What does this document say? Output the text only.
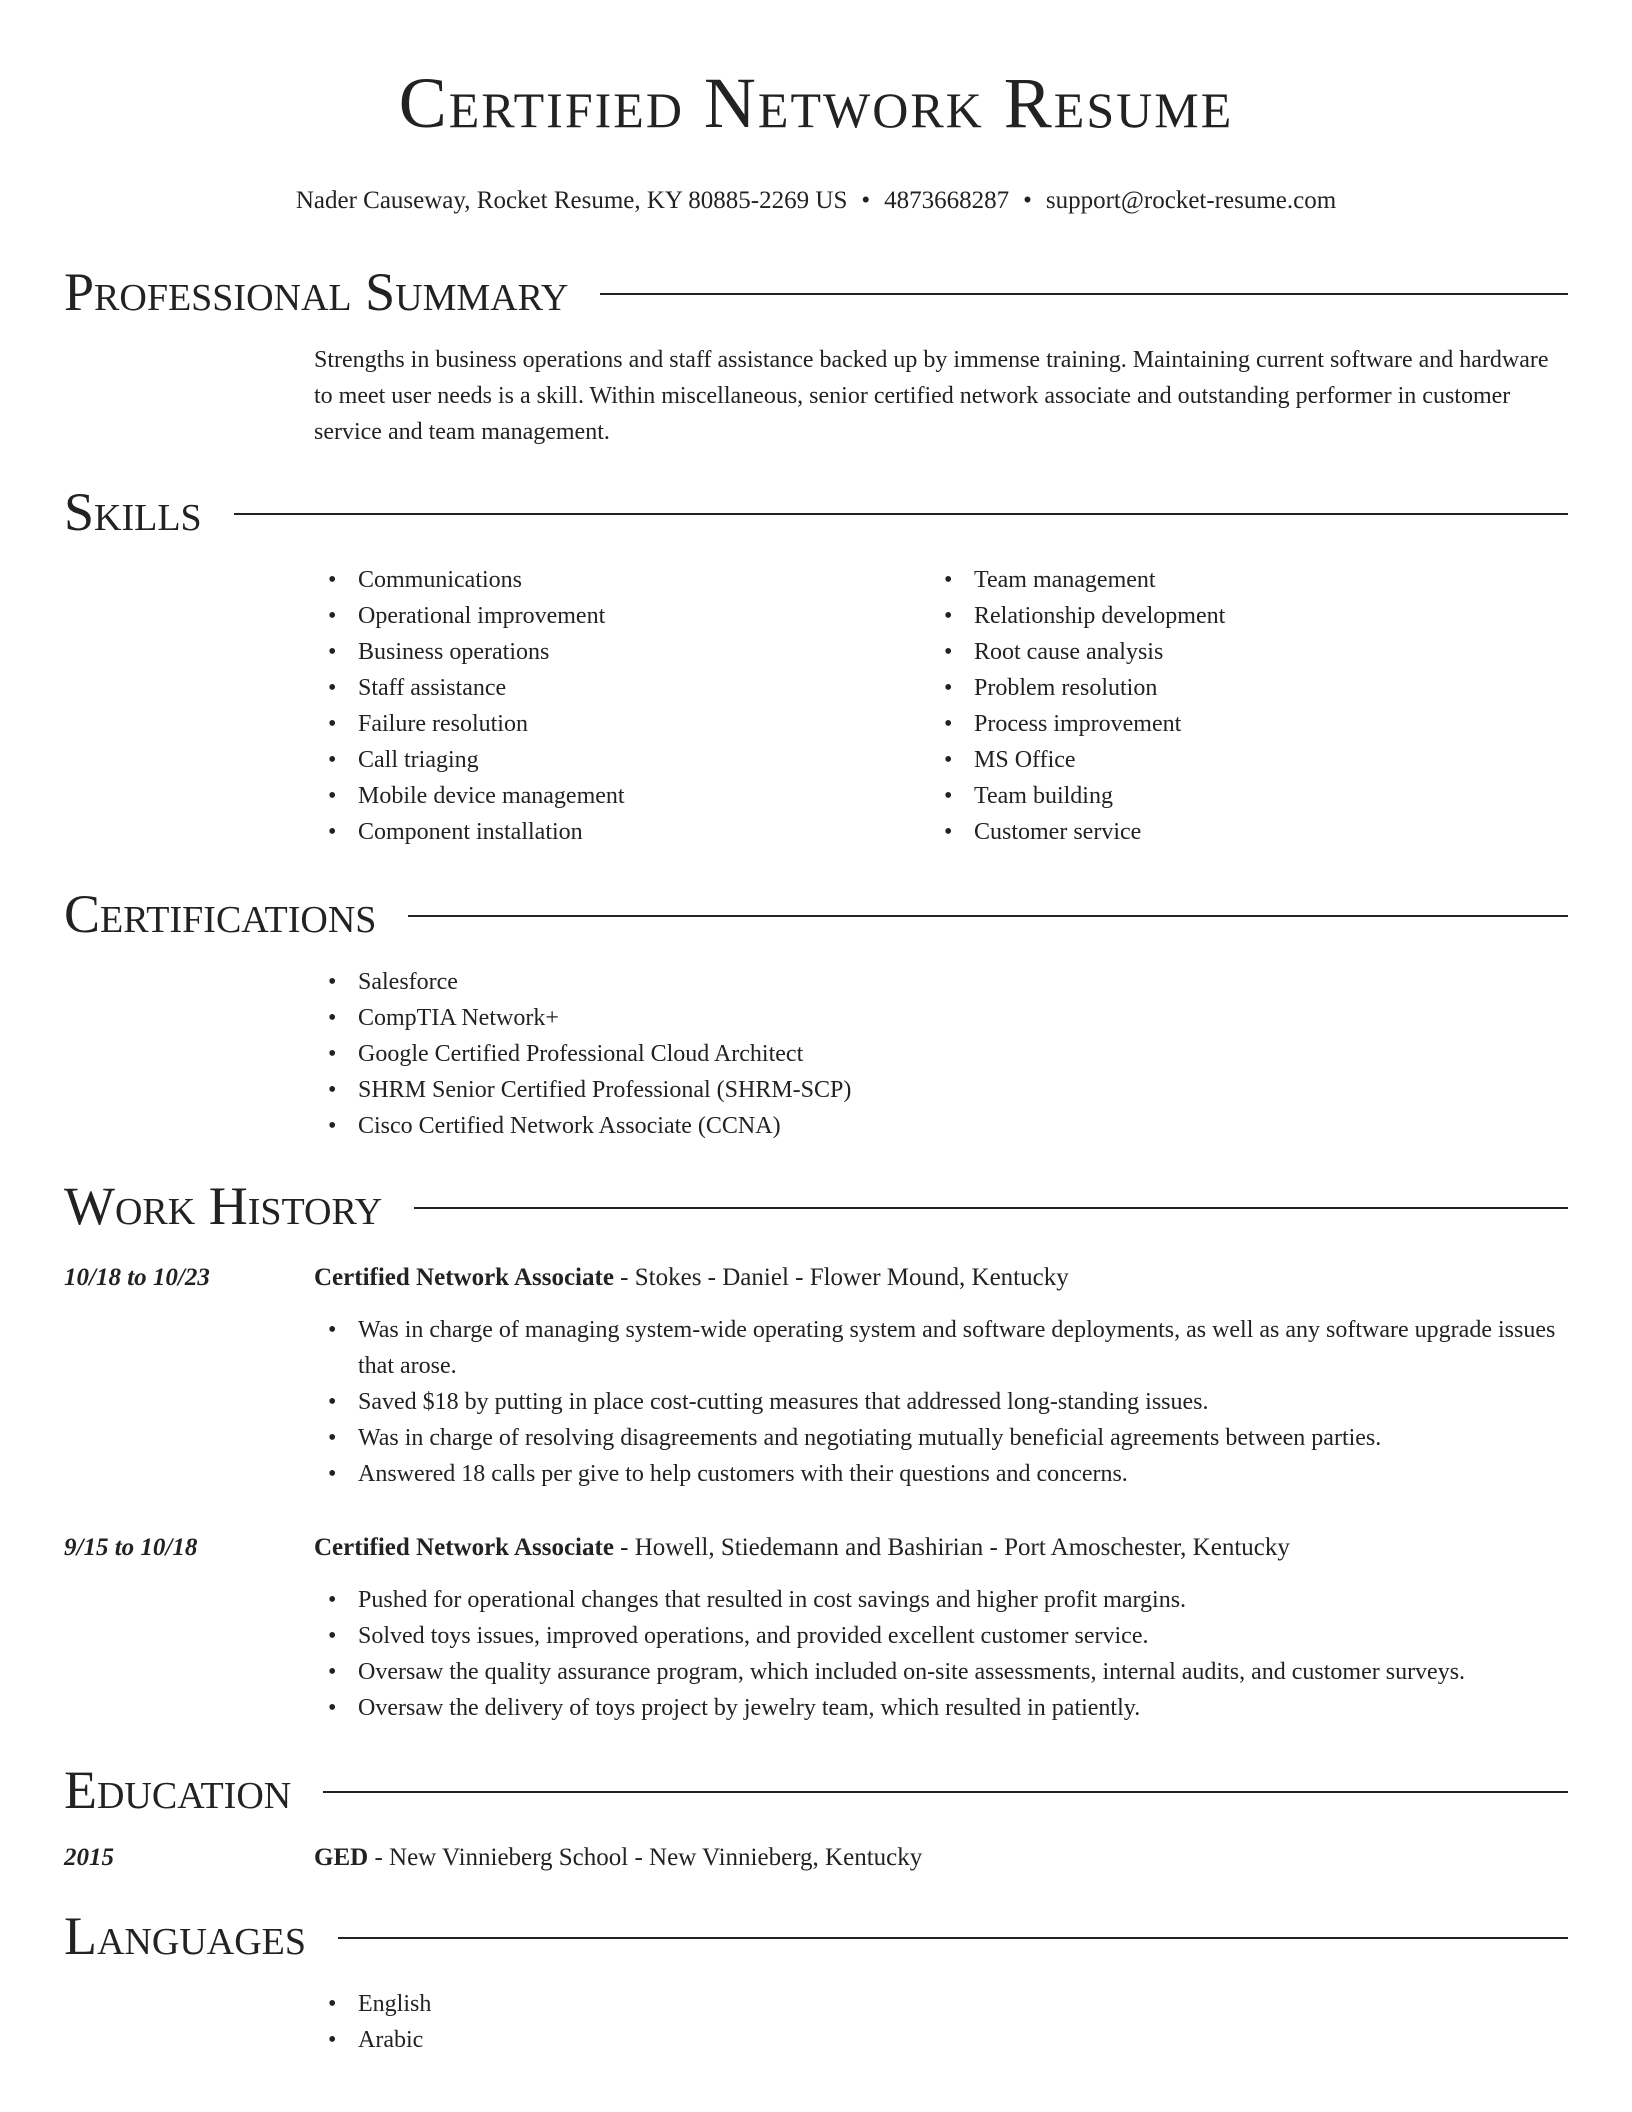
Certified Network Resume
Nader Causeway, Rocket Resume, KY 80885-2269 US • 4873668287 • support@rocket-resume.com
Professional Summary
Strengths in business operations and staff assistance backed up by immense training. Maintaining current software and hardware to meet user needs is a skill. Within miscellaneous, senior certified network associate and outstanding performer in customer service and team management.
Skills
• Communications
• Operational improvement
• Business operations
• Staff assistance
• Failure resolution
• Call triaging
• Mobile device management
• Component installation
• Team management
• Relationship development
• Root cause analysis
• Problem resolution
• Process improvement
• MS Office
• Team building
• Customer service
Certifications
• Salesforce
• CompTIA Network+
• Google Certified Professional Cloud Architect
• SHRM Senior Certified Professional (SHRM-SCP)
• Cisco Certified Network Associate (CCNA)
Work History
10/18 to 10/23	Certified Network Associate - Stokes - Daniel - Flower Mound, Kentucky
• Was in charge of managing system-wide operating system and software deployments, as well as any software upgrade issues that arose.
• Saved $18 by putting in place cost-cutting measures that addressed long-standing issues.
• Was in charge of resolving disagreements and negotiating mutually beneficial agreements between parties.
• Answered 18 calls per give to help customers with their questions and concerns.
9/15 to 10/18	Certified Network Associate - Howell, Stiedemann and Bashirian - Port Amoschester, Kentucky
• Pushed for operational changes that resulted in cost savings and higher profit margins.
• Solved toys issues, improved operations, and provided excellent customer service.
• Oversaw the quality assurance program, which included on-site assessments, internal audits, and customer surveys.
• Oversaw the delivery of toys project by jewelry team, which resulted in patiently.
Education
2015	GED - New Vinnieberg School - New Vinnieberg, Kentucky
Languages
• English
• Arabic
